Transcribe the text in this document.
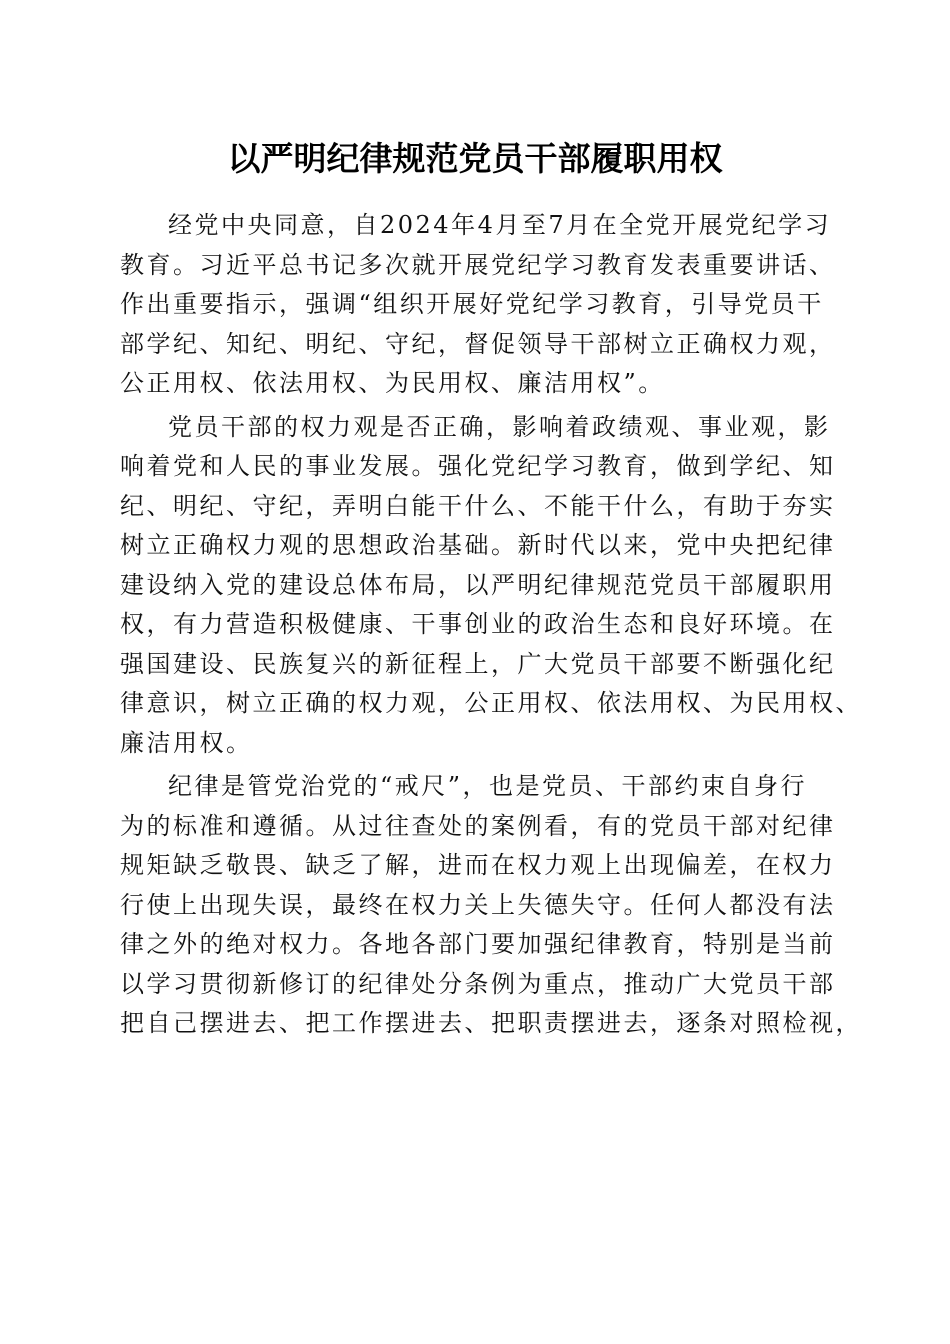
以严明纪律规范党员干部履职用权

经党中央同意，自2024年4月至7月在全党开展党纪学习
教育。习近平总书记多次就开展党纪学习教育发表重要讲话、
作出重要指示，强调“组织开展好党纪学习教育，引导党员干
部学纪、知纪、明纪、守纪，督促领导干部树立正确权力观，
公正用权、依法用权、为民用权、廉洁用权”。

党员干部的权力观是否正确，影响着政绩观、事业观，影
响着党和人民的事业发展。强化党纪学习教育，做到学纪、知
纪、明纪、守纪，弄明白能干什么、不能干什么，有助于夯实
树立正确权力观的思想政治基础。新时代以来，党中央把纪律
建设纳入党的建设总体布局，以严明纪律规范党员干部履职用
权，有力营造积极健康、干事创业的政治生态和良好环境。在
强国建设、民族复兴的新征程上，广大党员干部要不断强化纪
律意识，树立正确的权力观，公正用权、依法用权、为民用权、
廉洁用权。

纪律是管党治党的“戒尺”，也是党员、干部约束自身行
为的标准和遵循。从过往查处的案例看，有的党员干部对纪律
规矩缺乏敬畏、缺乏了解，进而在权力观上出现偏差，在权力
行使上出现失误，最终在权力关上失德失守。任何人都没有法
律之外的绝对权力。各地各部门要加强纪律教育，特别是当前
以学习贯彻新修订的纪律处分条例为重点，推动广大党员干部
把自己摆进去、把工作摆进去、把职责摆进去，逐条对照检视，
